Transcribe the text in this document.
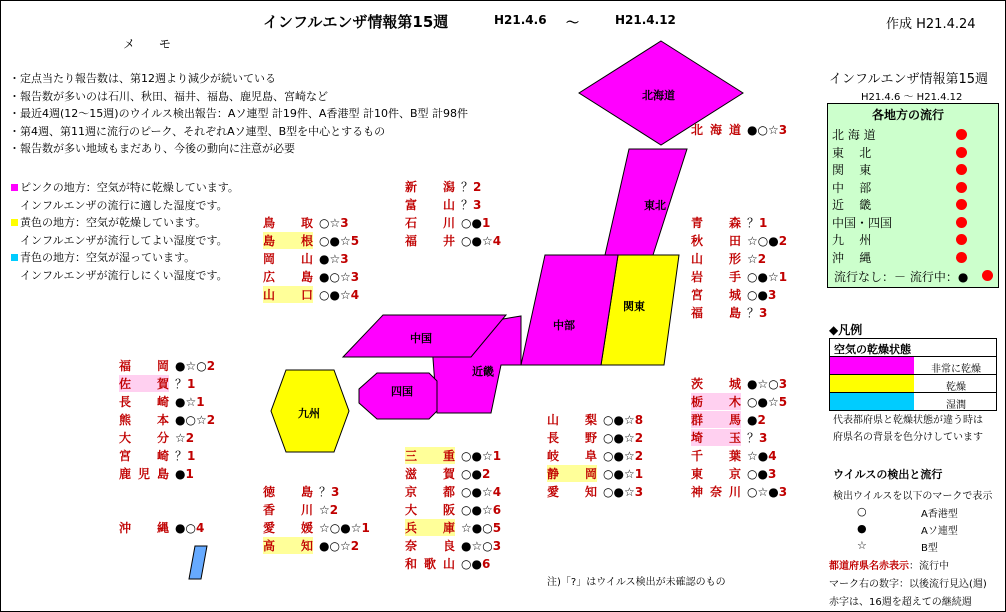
インフルエンザ情報第15週	H21.4.6 ～	H21.4.12	作成 H21.4.24
メ モ
・定点当たり報告数は、第12週より減少が続いている
・報告数が多いのは石川、秋田、福井、福島、鹿児島、宮崎など
・最近4週(12～15週)のウイルス検出報告：Aソ連型 計19件、A香港型 計10件、B型 計98件
・第4週、第11週に流行のピーク、それぞれAソ連型、B型を中心とするもの
・報告数が多い地域もまだあり、今後の動向に注意が必要
ピンクの地方：空気が特に乾燥しています。
インフルエンザの流行に適した湿度です。
黄色の地方：空気が乾燥しています。
インフルエンザが流行してよい湿度です。
青色の地方：空気が湿っています。
インフルエンザが流行しにくい湿度です。
北海道
東北
関東
中部
近畿
中国
四国
九州
北海道 ●○☆3
新 潟 ？2
富 山 ？3
石 川 ○●1
福 井 ○●☆4
鳥 取 ○☆3
島 根 ○●☆5
岡 山 ●☆3
広 島 ●○☆3
山 口 ○●☆4
青 森 ？1
秋 田 ☆○●2
山 形 ☆2
岩 手 ○●☆1
宮 城 ○●3
福 島 ？3
福 岡 ●☆○2
佐 賀 ？1
長 崎 ●☆1
熊 本 ●○☆2
大 分 ☆2
宮 崎 ？1
鹿児島 ●1
沖 縄 ●○4
山 梨 ○●☆8
長 野 ○●☆2
岐 阜 ○●☆2
静 岡 ○●☆1
愛 知 ○●☆3
茨 城 ●☆○3
栃 木 ○●☆5
群 馬 ●2
埼 玉 ？3
千 葉 ☆●4
東 京 ○●3
神奈川 ○☆●3
三 重 ○●☆1
滋 賀 ○●2
京 都 ○●☆4
大 阪 ○●☆6
兵 庫 ☆●○5
奈 良 ●☆○3
和歌山 ○●6
徳 島 ？3
香 川 ☆2
愛 媛 ☆○●☆1
高 知 ●○☆2
注)「?」はウイルス検出が未確認のもの
インフルエンザ情報第15週
H21.4.6 ～ H21.4.12
各地方の流行
北 海 道
東    北
関    東
中    部
近    畿
中国・四国
九    州
沖    縄
流行なし：－ 流行中：●
◆凡例
空気の乾燥状態
非常に乾燥
乾燥
湿潤
代表都府県と乾燥状態が違う時は
府県名の背景を色分けしています
ウイルスの検出と流行
検出ウイルスを以下のマークで表示
○	A香港型
●	Aソ連型
☆	B型
都道府県名赤表示：流行中
マーク右の数字：以後流行見込(週)
赤字は、16週を超えての継続週
